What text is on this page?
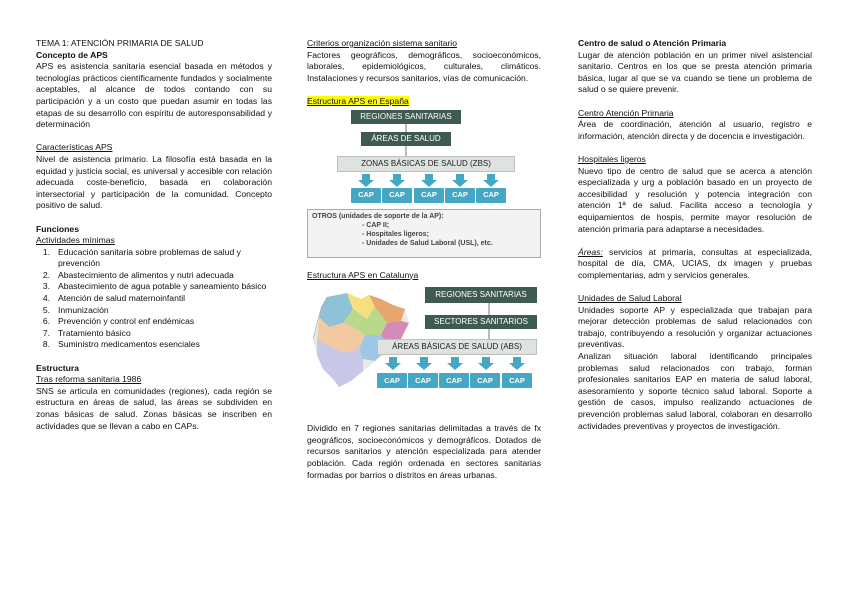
TEMA 1: ATENCIÓN PRIMARIA DE SALUD
Concepto de APS
APS es asistencia sanitaria esencial basada en métodos y tecnologías prácticos científicamente fundados y socialmente aceptables, al alcance de todos contando con su participación y a un costo que puedan asumir en todas las etapas de su desarrollo con espíritu de autoresponsabilidad y determinación
Características APS
Nivel de asistencia primario. La filosofía está basada en la equidad y justicia social, es universal y accesible con relación adecuada coste-beneficio, basada en colaboración intersectorial y participación de la comunidad. Concepto positivo de salud.
Funciones
Actividades mínimas
1. Educación sanitaria sobre problemas de salud y prevención
2. Abastecimiento de alimentos y nutri adecuada
3. Abastecimiento de agua potable y saneamiento básico
4. Atención de salud maternoinfantil
5. Inmunización
6. Prevención y control enf endémicas
7. Tratamiento básico
8. Suministro medicamentos esenciales
Estructura
Tras reforma sanitaria 1986
SNS se articula en comunidades (regiones), cada región se estructura en áreas de salud, las áreas se subdividen en zonas básicas de salud. Zonas básicas se inscriben en actividades que se llevan a cabo en CAPs.
Criterios organización sistema sanitario
Factores geográficos, demográficos, socioeconómicos, laborales, epidemiológicos, culturales, climáticos. Instalaciones y recursos sanitarios, vías de comunicación.
Estructura APS en España
REGIONES SANITARIAS
ÁREAS DE SALUD
ZONAS BÁSICAS DE SALUD (ZBS)
CAP	CAP	CAP	CAP	CAP
OTROS (unidades de soporte de la AP):
- CAP II;
- Hospitales ligeros;
- Unidades de Salud Laboral (USL), etc.
Estructura APS en Catalunya
REGIONES SANITARIAS
SECTORES SANITARIOS
ÁREAS BÁSICAS DE SALUD (ABS)
CAP	CAP	CAP	CAP	CAP
Dividido en 7 regiones sanitarias delimitadas a través de fx geográficos, socioeconómicos y demográficos. Dotados de recursos sanitarios y atención especializada para atender población. Cada región ordenada en sectores sanitarias formadas por barrios o distritos en áreas urbanas.
Centro de salud o Atención Primaria
Lugar de atención población en un primer nivel asistencial sanitario. Centros en los que se presta atención primaria básica, lugar al que se va cuando se tiene un problema de salud o se quiere prevenir.
Centro Atención Primaria
Área de coordinación, atención al usuario, registro e información, atención directa y de docencia e investigación.
Hospitales ligeros
Nuevo tipo de centro de salud que se acerca a atención especializada y urg a población basado en un proyecto de accesibilidad y resolución y potencia integración con atención 1ª de salud. Facilita acceso a tecnología y equipamientos de hospis, permite mayor resolución de atención primaria para adaptarse a necesidades.
Áreas: servicios at primaria, consultas at especializada, hospital de día, CMA, UCIAS, dx imagen y pruebas complementarias, adm y servicios generales.
Unidades de Salud Laboral
Unidades soporte AP y especializada que trabajan para mejorar detección problemas de salud relacionados con trabajo, contribuyendo a resolución y organizar actuaciones preventivas.
Analizan situación laboral identificando principales problemas salud relacionados con trabajo, forman profesionales sanitarios EAP en materia de salud laboral, asesoramiento y soporte técnico salud laboral. Soporte a gestión de casos, impulso realizando actuaciones de prevención problemas salud laboral, colaboran en desarrollo actividades preventivas y proyectos de investigación.
